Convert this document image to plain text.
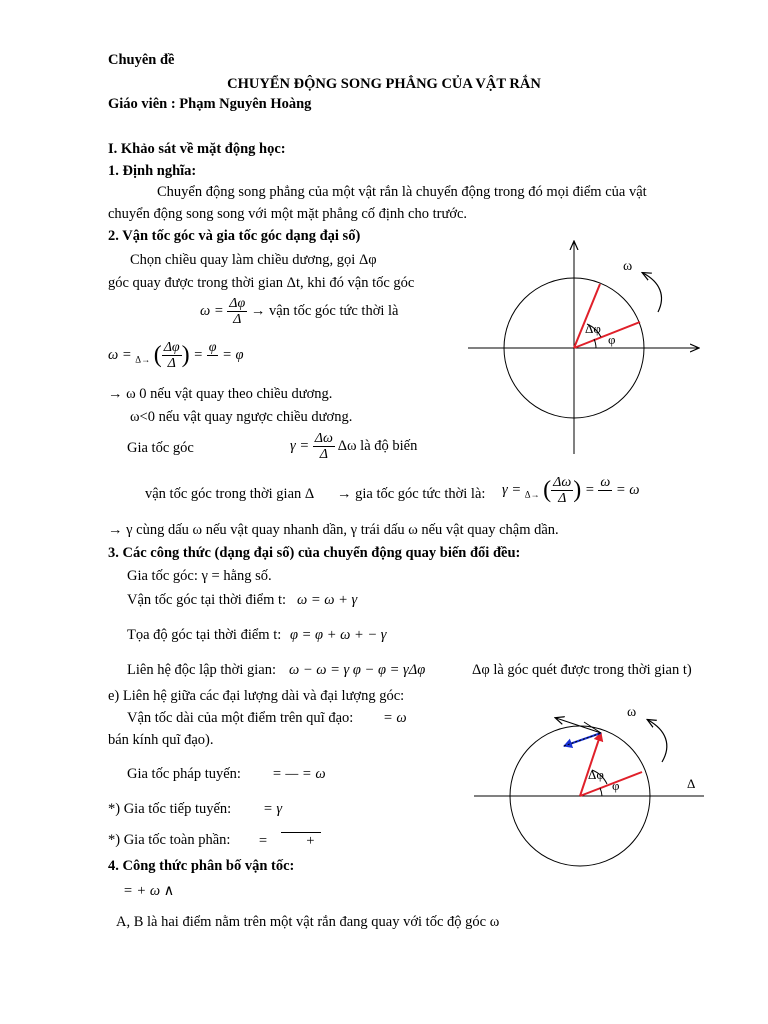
Chuyên đề
CHUYỂN ĐỘNG SONG PHẲNG CỦA VẬT RẮN
Giáo viên : Phạm Nguyên Hoàng
I. Khảo sát về mặt động học:
1. Định nghĩa:
Chuyển động song phẳng của một vật rắn là chuyển động trong đó mọi điểm của vật
chuyển động song song với một mặt phẳng cố định cho trước.
2. Vận tốc góc và gia tốc góc dạng đại số)
Chọn chiều quay làm chiều dương, gọi Δφ
góc quay được trong thời gian Δt, khi đó vận tốc góc
$\omega = \frac{\Delta\varphi}{\Delta}$ → vận tốc góc tức thời là
ω = $_{\Delta\to}$ ( $\frac{\Delta\varphi}{\Delta}$ ) = φ
= φ
→ ω 0 nếu vật quay theo chiều dương.
ω<0 nếu vật quay ngược chiều dương.
Gia tốc góc	$\gamma = \frac{\Delta\omega}{\Delta}$ Δω là độ biến
vận tốc góc trong thời gian Δ → gia tốc góc tức thời là: γ = $_{\Delta\to}$ ( $\frac{\Delta\omega}{\Delta}$ ) = ω
= ω
→ γ cùng dấu ω nếu vật quay nhanh dần, γ trái dấu ω nếu vật quay chậm dần.
3. Các công thức (dạng đại số) của chuyển động quay biến đổi đều:
Gia tốc góc: γ = hằng số.
Vận tốc góc tại thời điểm t: ω = ω + γ
Tọa độ góc tại thời điểm t: φ = φ + ω + − γ
Liên hệ độc lập thời gian: ω − ω = γ φ − φ = γΔφ	Δφ là góc quét được trong thời gian t)
e) Liên hệ giữa các đại lượng dài và đại lượng góc:
Vận tốc dài của một điểm trên quĩ đạo: = ω
bán kính quĩ đạo).
Gia tốc pháp tuyến: = — = ω
*) Gia tốc tiếp tuyến: = γ
*) Gia tốc toàn phần: =	+
4. Công thức phân bố vận tốc:
= + ω ∧
A, B là hai điểm nằm trên một vật rắn đang quay với tốc độ góc ω
ω
Δφ
φ
ω
Δφ
φ	Δ
